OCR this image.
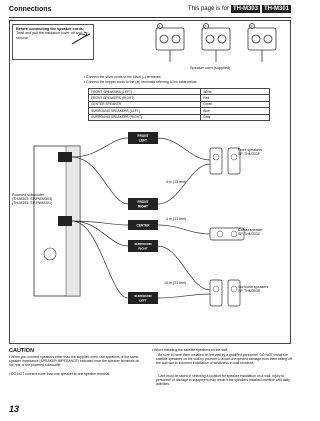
Connections	This page is for TH-M303	TH-M301
Before connecting the speaker cords;
Twist and pull the insulation cover off and remove.
1	2	3
Speaker cord (supplied)
• Connect the silver cords to the black (–) terminals.
• Connect the copper cords to the (⊕) terminals referring to the table below:
FRONT SPEAKERS (LEFT)	White
FRONT SPEAKERS (RIGHT)	Red
CENTER SPEAKER	Green
SURROUND SPEAKERS (LEFT)	Blue
SURROUND SPEAKERS (RIGHT)	Gray
FRONT
LEFT
FRONT
RIGHT
CENTER
SURROUND
RIGHT
SURROUND
LEFT
Front speakers
SP-THM303F
Center speaker
SP-THM303C
Surround speakers
SP-THM303S
Powered subwoofer
(TH-M303: SP-PWM303)
(TH-M301: SP-PWM301)
4 m (13 feet)
4 m (13 feet)
10 m (33 feet)
CAUTION
• When you connect speakers other than the supplied ones, use speakers of the same speaker impedance (SPEAKER IMPEDANCE) indicated near the speaker terminals on the rear of the powered subwoofer.
• DO NOT connect more than one speaker to one speaker terminal.
• When installing the satellite speakers on the wall:
- Be sure to have them installed on the wall by a qualified personnel. DO NOT install the satellite speakers on the wall by yourself to avoid unexpected damage from them falling off the wall due to incorrect installation or weakness in wall structure.
- Care must be taken in selecting a location for speaker installation on a wall. Injury to personnel or damage to equipment may result if the speakers installed interfere with daily activities.
13
